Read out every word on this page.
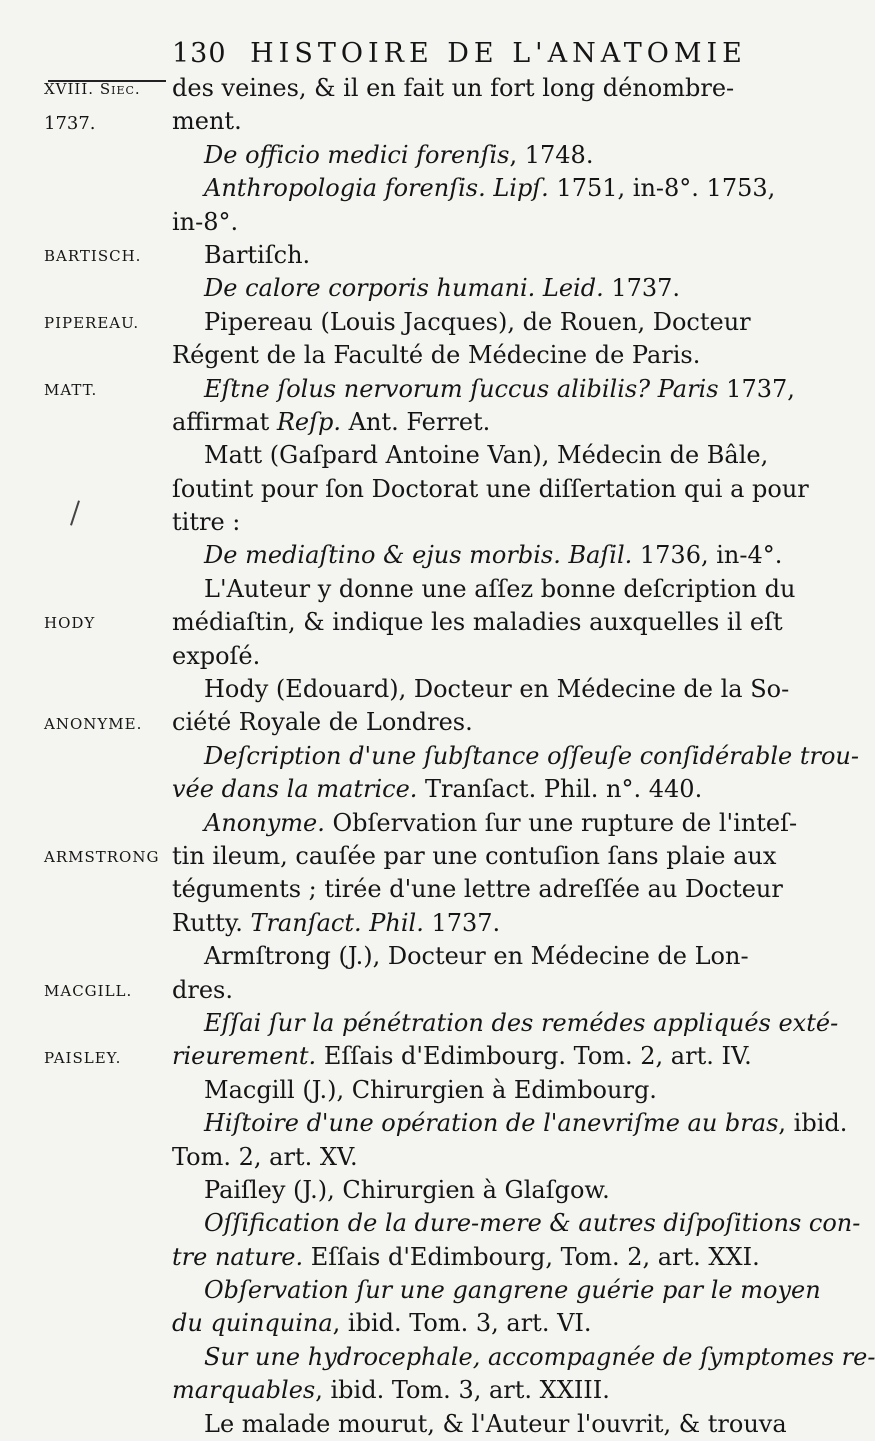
130 HISTOIRE DE L'ANATOMIE
XVIII. Siec.
1737.
BARTISCH.
PIPEREAU.
MATT.
HODY
ANONYME.
ARMSTRONG
MACGILL.
PAISLEY.
des veines, & il en fait un fort long dénombre-
ment.
De officio medici forenſis, 1748.
Anthropologia forenſis. Lipſ. 1751, in-8°. 1753,
in-8°.
Bartiſch.
De calore corporis humani. Leid. 1737.
Pipereau (Louis Jacques), de Rouen, Docteur
Régent de la Faculté de Médecine de Paris.
Eſtne ſolus nervorum ſuccus alibilis? Paris 1737,
affirmat Reſp. Ant. Ferret.
Matt (Gaſpard Antoine Van), Médecin de Bâle,
ſoutint pour ſon Doctorat une diſſertation qui a pour
titre :
De mediaſtino & ejus morbis. Baſil. 1736, in-4°.
L'Auteur y donne une aſſez bonne deſcription du
médiaſtin, & indique les maladies auxquelles il eſt
expoſé.
Hody (Edouard), Docteur en Médecine de la So-
ciété Royale de Londres.
Deſcription d'une ſubſtance oſſeuſe conſidérable trou-
vée dans la matrice. Tranſact. Phil. n°. 440.
Anonyme. Obſervation ſur une rupture de l'inteſ-
tin ileum, cauſée par une contuſion ſans plaie aux
téguments ; tirée d'une lettre adreſſée au Docteur
Rutty. Tranſact. Phil. 1737.
Armſtrong (J.), Docteur en Médecine de Lon-
dres.
Eſſai ſur la pénétration des remédes appliqués exté-
rieurement. Eſſais d'Edimbourg. Tom. 2, art. IV.
Macgill (J.), Chirurgien à Edimbourg.
Hiſtoire d'une opération de l'anevriſme au bras, ibid.
Tom. 2, art. XV.
Paiſley (J.), Chirurgien à Glaſgow.
Oſſification de la dure-mere & autres diſpoſitions con-
tre nature. Eſſais d'Edimbourg, Tom. 2, art. XXI.
Obſervation ſur une gangrene guérie par le moyen
du quinquina, ibid. Tom. 3, art. VI.
Sur une hydrocephale, accompagnée de ſymptomes re-
marquables, ibid. Tom. 3, art. XXIII.
Le malade mourut, & l'Auteur l'ouvrit, & trouva
